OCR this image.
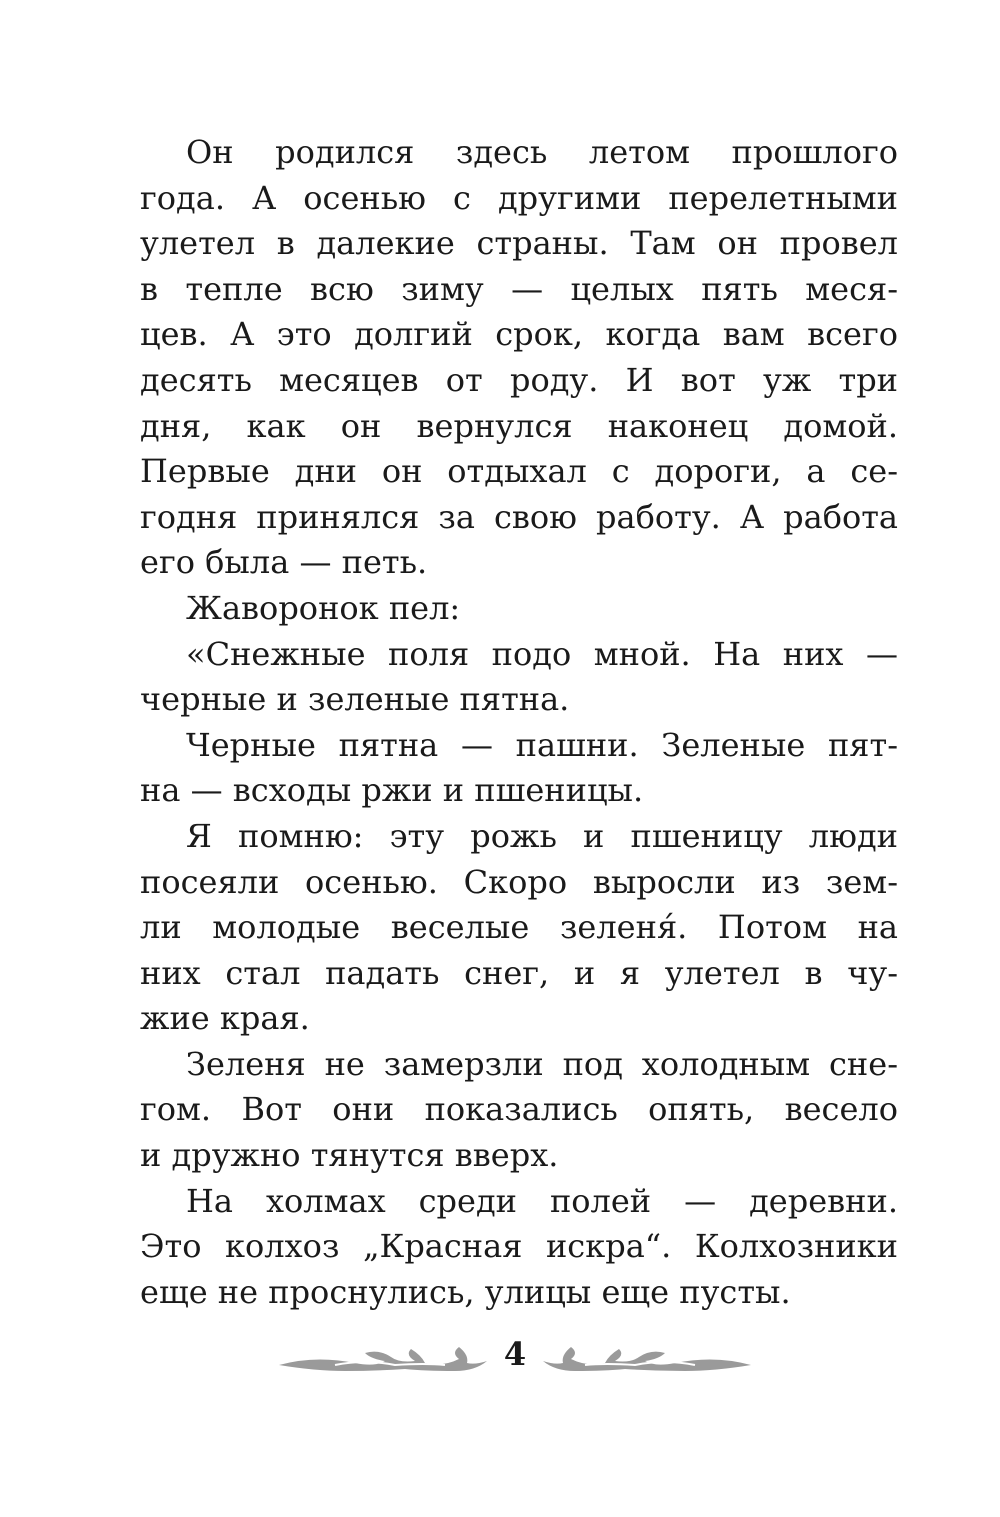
Он родился здесь летом прошлого
года. А осенью с другими перелетными
улетел в далекие страны. Там он провел
в тепле всю зиму — целых пять меся-
цев. А это долгий срок, когда вам всего
десять месяцев от роду. И вот уж три
дня, как он вернулся наконец домой.
Первые дни он отдыхал с дороги, а се-
годня принялся за свою работу. А работа
его была — петь.
Жаворонок пел:
«Снежные поля подо мной. На них —
черные и зеленые пятна.
Черные пятна — пашни. Зеленые пят-
на — всходы ржи и пшеницы.
Я помню: эту рожь и пшеницу люди
посеяли осенью. Скоро выросли из зем-
ли молодые веселые зеленя́. Потом на
них стал падать снег, и я улетел в чу-
жие края.
Зеленя не замерзли под холодным сне-
гом. Вот они показались опять, весело
и дружно тянутся вверх.
На холмах среди полей — деревни.
Это колхоз „Красная искра“. Колхозники
еще не проснулись, улицы еще пусты.
4
